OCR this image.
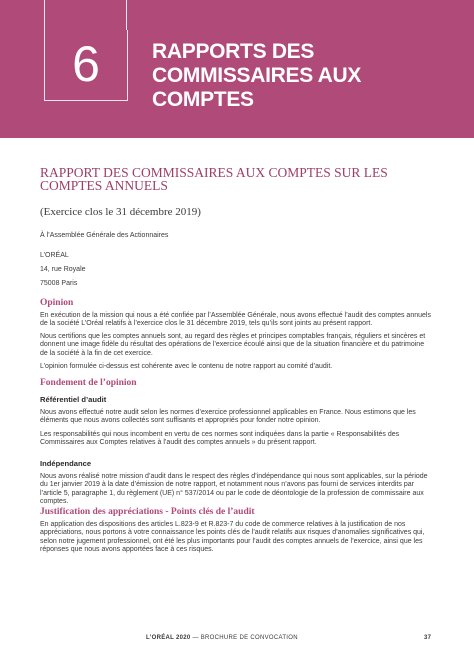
6	RAPPORTS DES COMMISSAIRES AUX COMPTES
RAPPORT DES COMMISSAIRES AUX COMPTES SUR LES COMPTES ANNUELS
(Exercice clos le 31 décembre 2019)
À l’Assemblée Générale des Actionnaires
L’ORÉAL
14, rue Royale
75008 Paris
Opinion
En exécution de la mission qui nous a été confiée par l’Assemblée Générale, nous avons effectué l’audit des comptes annuels de la société L’Oréal relatifs à l’exercice clos le 31 décembre 2019, tels qu’ils sont joints au présent rapport.
Nous certifions que les comptes annuels sont, au regard des règles et principes comptables français, réguliers et sincères et donnent une image fidèle du résultat des opérations de l’exercice écoulé ainsi que de la situation financière et du patrimoine de la société à la fin de cet exercice.
L’opinion formulée ci-dessus est cohérente avec le contenu de notre rapport au comité d’audit.
Fondement de l’opinion
Référentiel d’audit
Nous avons effectué notre audit selon les normes d’exercice professionnel applicables en France. Nous estimons que les éléments que nous avons collectés sont suffisants et appropriés pour fonder notre opinion.
Les responsabilités qui nous incombent en vertu de ces normes sont indiquées dans la partie « Responsabilités des Commissaires aux Comptes relatives à l’audit des comptes annuels » du présent rapport.
Indépendance
Nous avons réalisé notre mission d’audit dans le respect des règles d’indépendance qui nous sont applicables, sur la période du 1er janvier 2019 à la date d’émission de notre rapport, et notamment nous n’avons pas fourni de services interdits par l’article 5, paragraphe 1, du règlement (UE) n° 537/2014 ou par le code de déontologie de la profession de commissaire aux comptes.
Justification des appréciations - Points clés de l’audit
En application des dispositions des articles L.823-9 et R.823-7 du code de commerce relatives à la justification de nos appréciations, nous portons à votre connaissance les points clés de l’audit relatifs aux risques d’anomalies significatives qui, selon notre jugement professionnel, ont été les plus importants pour l’audit des comptes annuels de l’exercice, ainsi que les réponses que nous avons apportées face à ces risques.
L’ORÉAL 2020 — BROCHURE DE CONVOCATION	37
